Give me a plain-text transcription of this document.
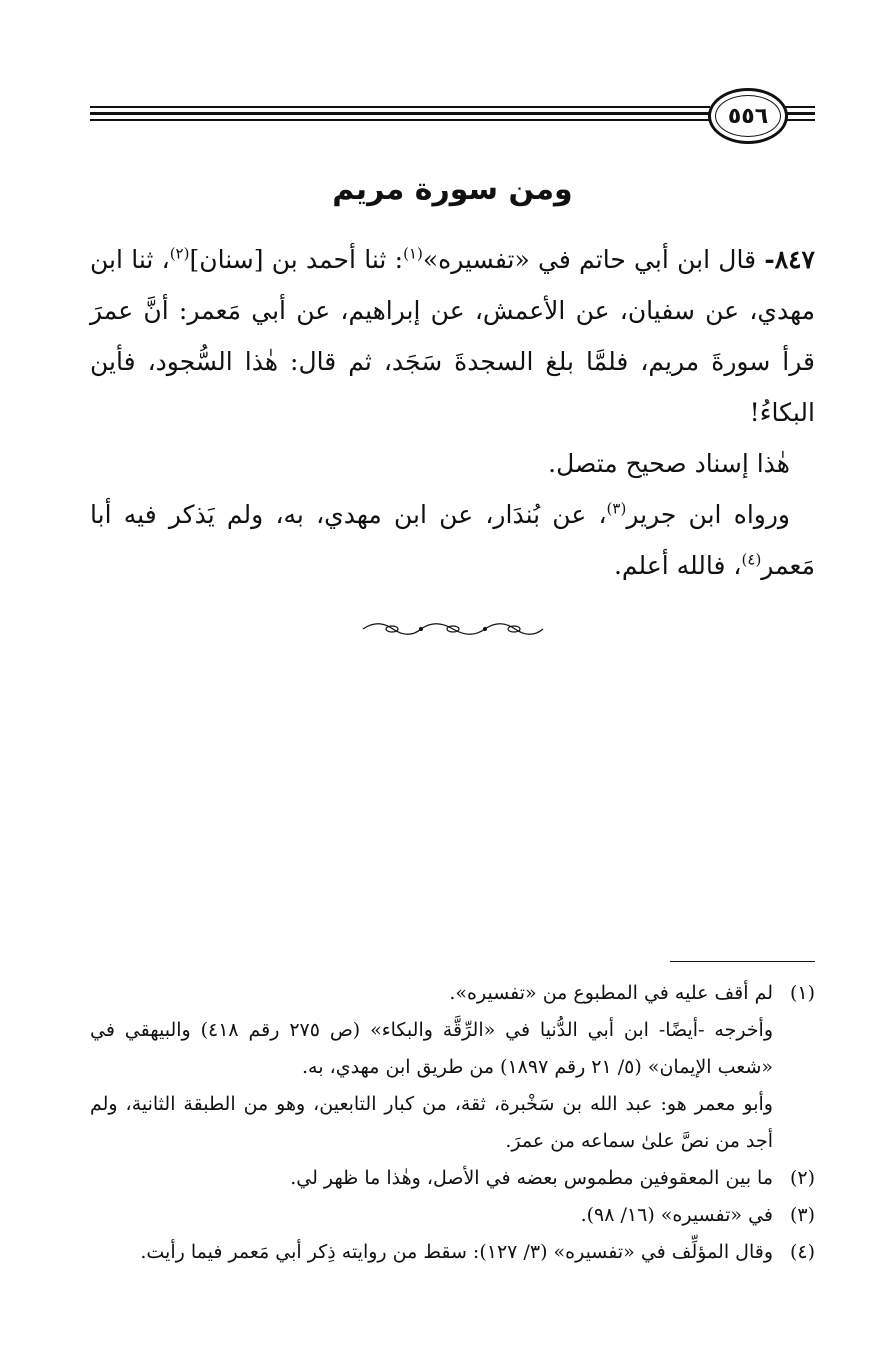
٥٥٦
ومن سورة مريم

٨٤٧- قال ابن أبي حاتم في «تفسيره»$^{(١)}$: ثنا أحمد بن [سنان]$^{(٢)}$، ثنا ابن مهدي، عن سفيان، عن الأعمش، عن إبراهيم، عن أبي مَعمر: أنَّ عمرَ قرأ سورةَ مريم، فلمَّا بلغ السجدةَ سَجَد، ثم قال: هٰذا السُّجود، فأين البكاءُ!

هٰذا إسناد صحيح متصل.

ورواه ابن جرير$^{(٣)}$، عن بُندَار، عن ابن مهدي، به، ولم يَذكر فيه أبا مَعمر$^{(٤)}$، فالله أعلم.

(١)

لم أقف عليه في المطبوع من «تفسيره».

وأخرجه -أيضًا- ابن أبي الدُّنيا في «الرِّقَّة والبكاء» (ص ٢٧٥ رقم ٤١٨) والبيهقي في «شعب الإيمان» (٥/ ٢١ رقم ١٨٩٧) من طريق ابن مهدي، به.

وأبو معمر هو: عبد الله بن سَخْبرة، ثقة، من كبار التابعين، وهو من الطبقة الثانية، ولم أجد من نصَّ علىٰ سماعه من عمرَ.

(٢)

ما بين المعقوفين مطموس بعضه في الأصل، وهٰذا ما ظهر لي.

(٣)

في «تفسيره» (١٦/ ٩٨).

(٤)

وقال المؤلِّف في «تفسيره» (٣/ ١٢٧): سقط من روايته ذِكر أبي مَعمر فيما رأيت.
